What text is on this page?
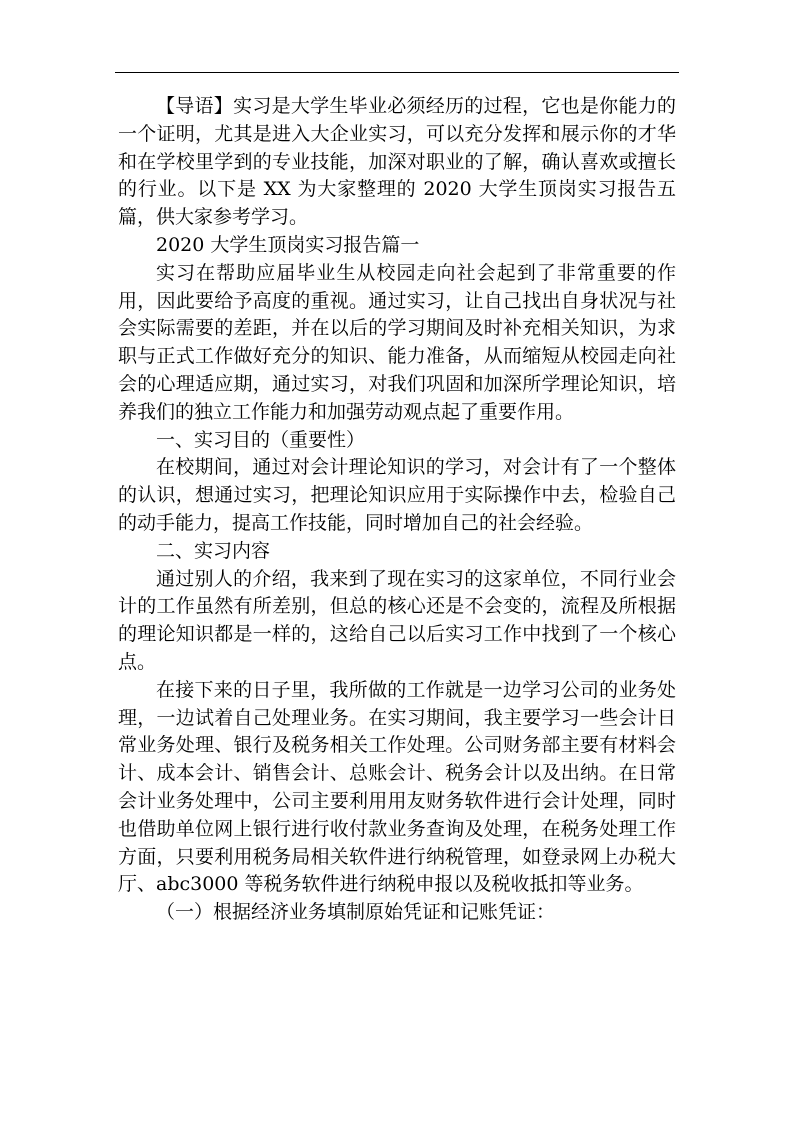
【导语】实习是大学生毕业必须经历的过程，它也是你能力的一个证明，尤其是进入大企业实习，可以充分发挥和展示你的才华和在学校里学到的专业技能，加深对职业的了解，确认喜欢或擅长的行业。以下是 XX 为大家整理的 2020 大学生顶岗实习报告五篇，供大家参考学习。

2020 大学生顶岗实习报告篇一

实习在帮助应届毕业生从校园走向社会起到了非常重要的作用，因此要给予高度的重视。通过实习，让自己找出自身状况与社会实际需要的差距，并在以后的学习期间及时补充相关知识，为求职与正式工作做好充分的知识、能力准备，从而缩短从校园走向社会的心理适应期，通过实习，对我们巩固和加深所学理论知识，培养我们的独立工作能力和加强劳动观点起了重要作用。

一、实习目的（重要性）

在校期间，通过对会计理论知识的学习，对会计有了一个整体的认识，想通过实习，把理论知识应用于实际操作中去，检验自己的动手能力，提高工作技能，同时增加自己的社会经验。

二、实习内容

通过别人的介绍，我来到了现在实习的这家单位，不同行业会计的工作虽然有所差别，但总的核心还是不会变的，流程及所根据的理论知识都是一样的，这给自己以后实习工作中找到了一个核心点。

在接下来的日子里，我所做的工作就是一边学习公司的业务处理，一边试着自己处理业务。在实习期间，我主要学习一些会计日常业务处理、银行及税务相关工作处理。公司财务部主要有材料会计、成本会计、销售会计、总账会计、税务会计以及出纳。在日常会计业务处理中，公司主要利用用友财务软件进行会计处理，同时也借助单位网上银行进行收付款业务查询及处理，在税务处理工作方面，只要利用税务局相关软件进行纳税管理，如登录网上办税大厅、abc3000 等税务软件进行纳税申报以及税收抵扣等业务。

（一）根据经济业务填制原始凭证和记账凭证：
